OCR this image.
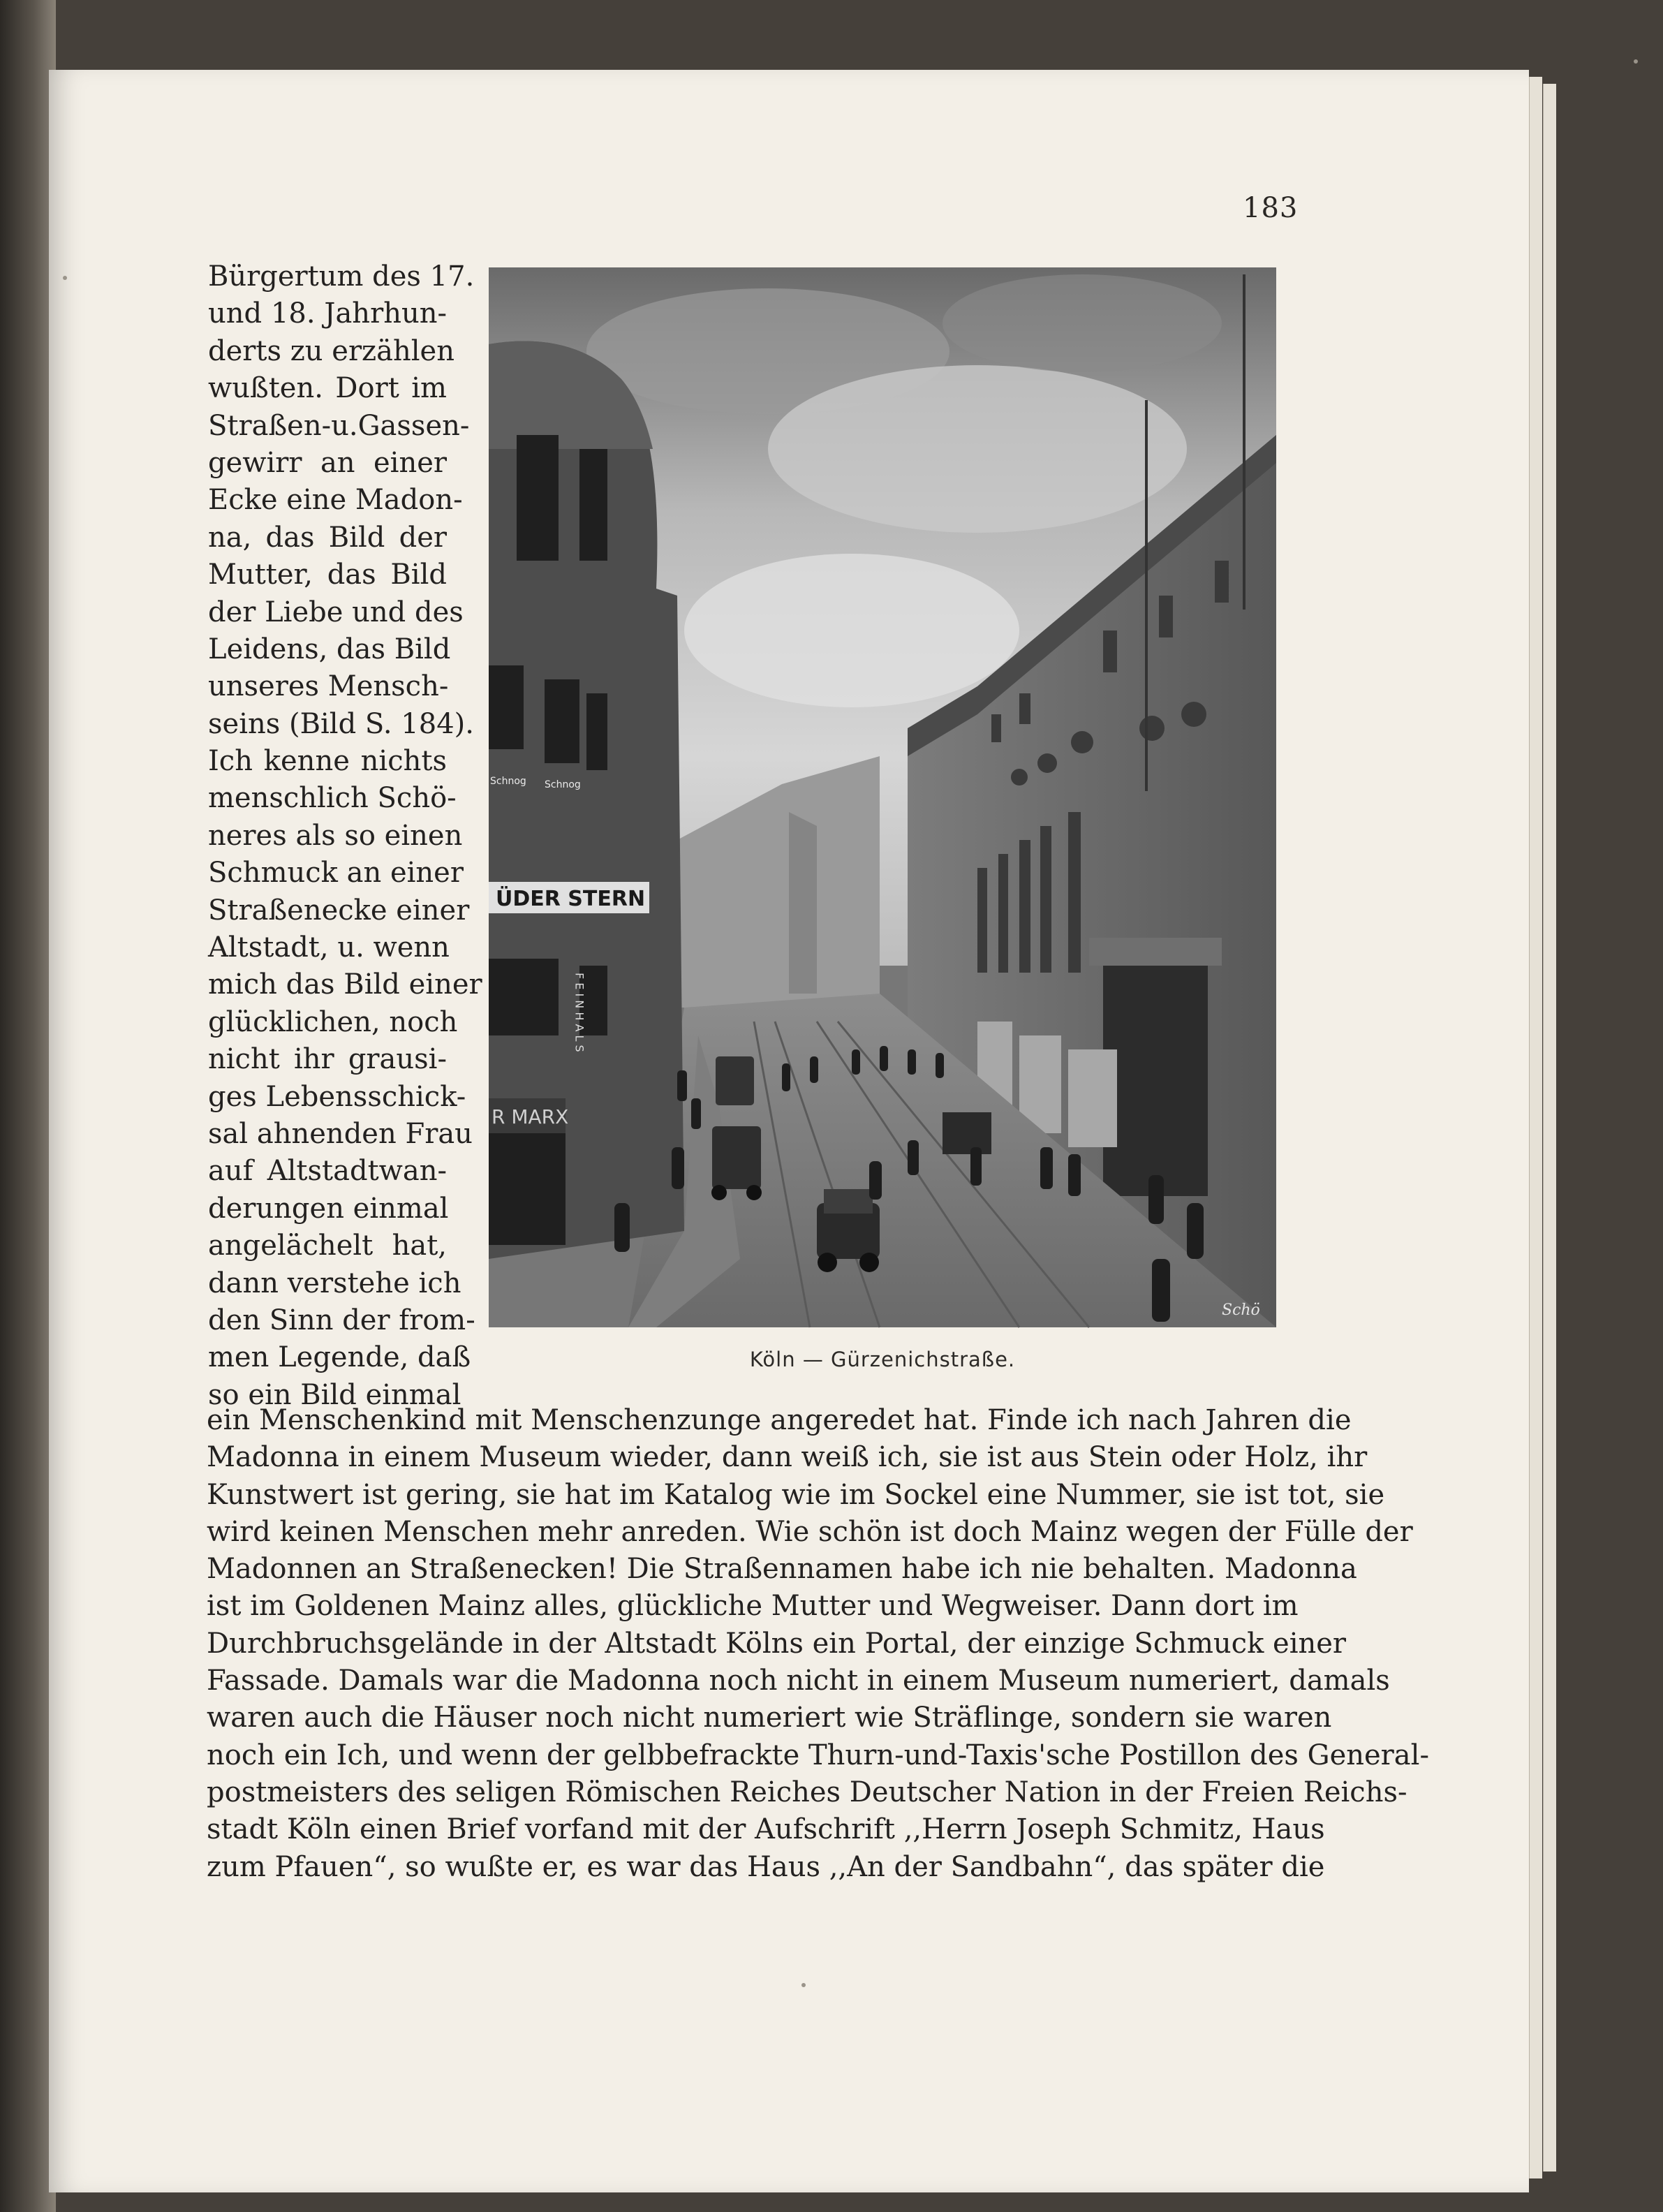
183
Bürgertum des 17.
und 18. Jahrhun-
derts zu erzählen
wußten. Dort im
Straßen-u.Gassen-
gewirr an einer
Ecke eine Madon-
na, das Bild der
Mutter, das Bild
der Liebe und des
Leidens, das Bild
unseres Mensch-
seins (Bild S. 184).
Ich kenne nichts
menschlich Schö-
neres als so einen
Schmuck an einer
Straßenecke einer
Altstadt, u. wenn
mich das Bild einer
glücklichen, noch
nicht ihr grausi-
ges Lebensschick-
sal ahnenden Frau
auf Altstadtwan-
derungen einmal
angelächelt hat,
dann verstehe ich
den Sinn der from-
men Legende, daß
so ein Bild einmal
ÜDER STERN
R MARX
Schnog Schnog
F E I N H A L S
Schö
Köln — Gürzenichstraße.
ein Menschenkind mit Menschenzunge angeredet hat. Finde ich nach Jahren die
Madonna in einem Museum wieder, dann weiß ich, sie ist aus Stein oder Holz, ihr
Kunstwert ist gering, sie hat im Katalog wie im Sockel eine Nummer, sie ist tot, sie
wird keinen Menschen mehr anreden. Wie schön ist doch Mainz wegen der Fülle der
Madonnen an Straßenecken! Die Straßennamen habe ich nie behalten. Madonna
ist im Goldenen Mainz alles, glückliche Mutter und Wegweiser. Dann dort im
Durchbruchsgelände in der Altstadt Kölns ein Portal, der einzige Schmuck einer
Fassade. Damals war die Madonna noch nicht in einem Museum numeriert, damals
waren auch die Häuser noch nicht numeriert wie Sträflinge, sondern sie waren
noch ein Ich, und wenn der gelbbefrackte Thurn-und-Taxis'sche Postillon des General-
postmeisters des seligen Römischen Reiches Deutscher Nation in der Freien Reichs-
stadt Köln einen Brief vorfand mit der Aufschrift ,,Herrn Joseph Schmitz, Haus
zum Pfauen“, so wußte er, es war das Haus ,,An der Sandbahn“, das später die
